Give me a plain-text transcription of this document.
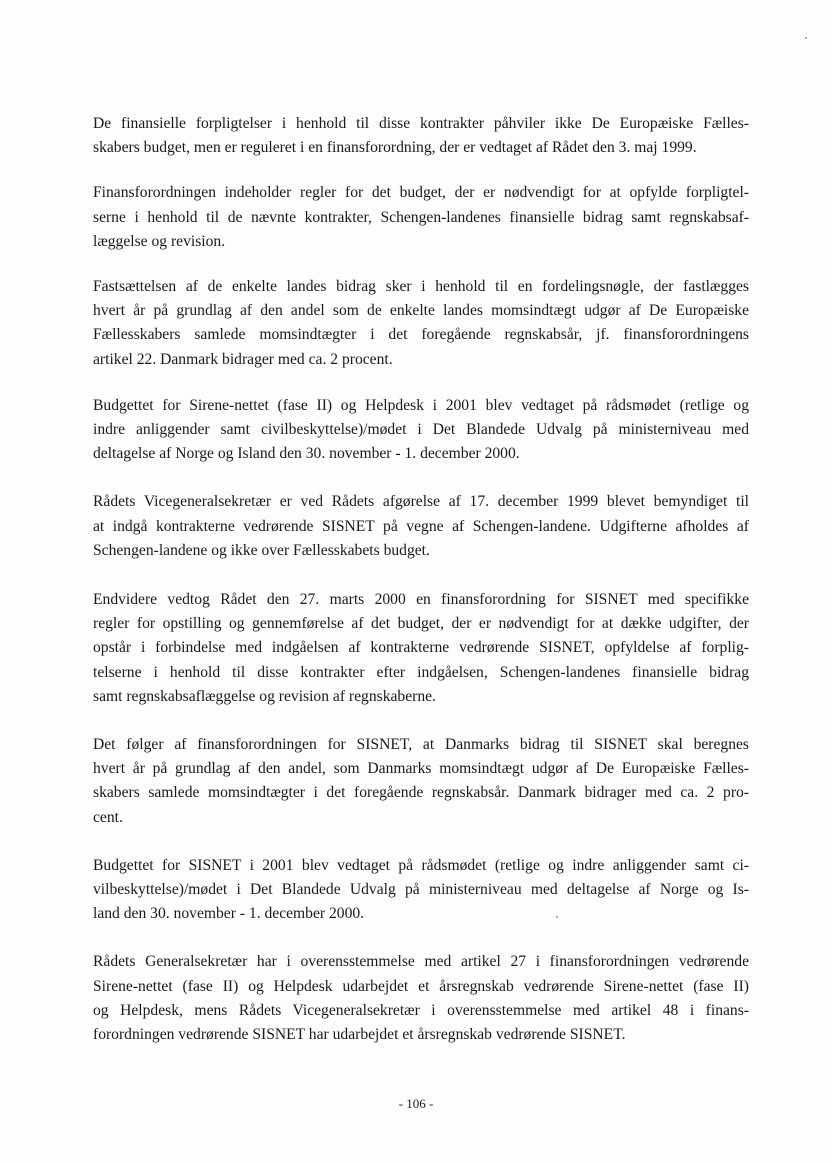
De finansielle forpligtelser i henhold til disse kontrakter påhviler ikke De Europæiske Fælles-
skabers budget, men er reguleret i en finansforordning, der er vedtaget af Rådet den 3. maj 1999.

Finansforordningen indeholder regler for det budget, der er nødvendigt for at opfylde forpligtel-
serne i henhold til de nævnte kontrakter, Schengen-landenes finansielle bidrag samt regnskabsaf-
læggelse og revision.

Fastsættelsen af de enkelte landes bidrag sker i henhold til en fordelingsnøgle, der fastlægges
hvert år på grundlag af den andel som de enkelte landes momsindtægt udgør af De Europæiske
Fællesskabers samlede momsindtægter i det foregående regnskabsår, jf. finansforordningens
artikel 22. Danmark bidrager med ca. 2 procent.

Budgettet for Sirene-nettet (fase II) og Helpdesk i 2001 blev vedtaget på rådsmødet (retlige og
indre anliggender samt civilbeskyttelse)/mødet i Det Blandede Udvalg på ministerniveau med
deltagelse af Norge og Island den 30. november - 1. december 2000.

Rådets Vicegeneralsekretær er ved Rådets afgørelse af 17. december 1999 blevet bemyndiget til
at indgå kontrakterne vedrørende SISNET på vegne af Schengen-landene. Udgifterne afholdes af
Schengen-landene og ikke over Fællesskabets budget.

Endvidere vedtog Rådet den 27. marts 2000 en finansforordning for SISNET med specifikke
regler for opstilling og gennemførelse af det budget, der er nødvendigt for at dække udgifter, der
opstår i forbindelse med indgåelsen af kontrakterne vedrørende SISNET, opfyldelse af forplig-
telserne i henhold til disse kontrakter efter indgåelsen, Schengen-landenes finansielle bidrag
samt regnskabsaflæggelse og revision af regnskaberne.

Det følger af finansforordningen for SISNET, at Danmarks bidrag til SISNET skal beregnes
hvert år på grundlag af den andel, som Danmarks momsindtægt udgør af De Europæiske Fælles-
skabers samlede momsindtægter i det foregående regnskabsår. Danmark bidrager med ca. 2 pro-
cent.

Budgettet for SISNET i 2001 blev vedtaget på rådsmødet (retlige og indre anliggender samt ci-
vilbeskyttelse)/mødet i Det Blandede Udvalg på ministerniveau med deltagelse af Norge og Is-
land den 30. november - 1. december 2000.

Rådets Generalsekretær har i overensstemmelse med artikel 27 i finansforordningen vedrørende
Sirene-nettet (fase II) og Helpdesk udarbejdet et årsregnskab vedrørende Sirene-nettet (fase II)
og Helpdesk, mens Rådets Vicegeneralsekretær i overensstemmelse med artikel 48 i finans-
forordningen vedrørende SISNET har udarbejdet et årsregnskab vedrørende SISNET.

- 106 -
